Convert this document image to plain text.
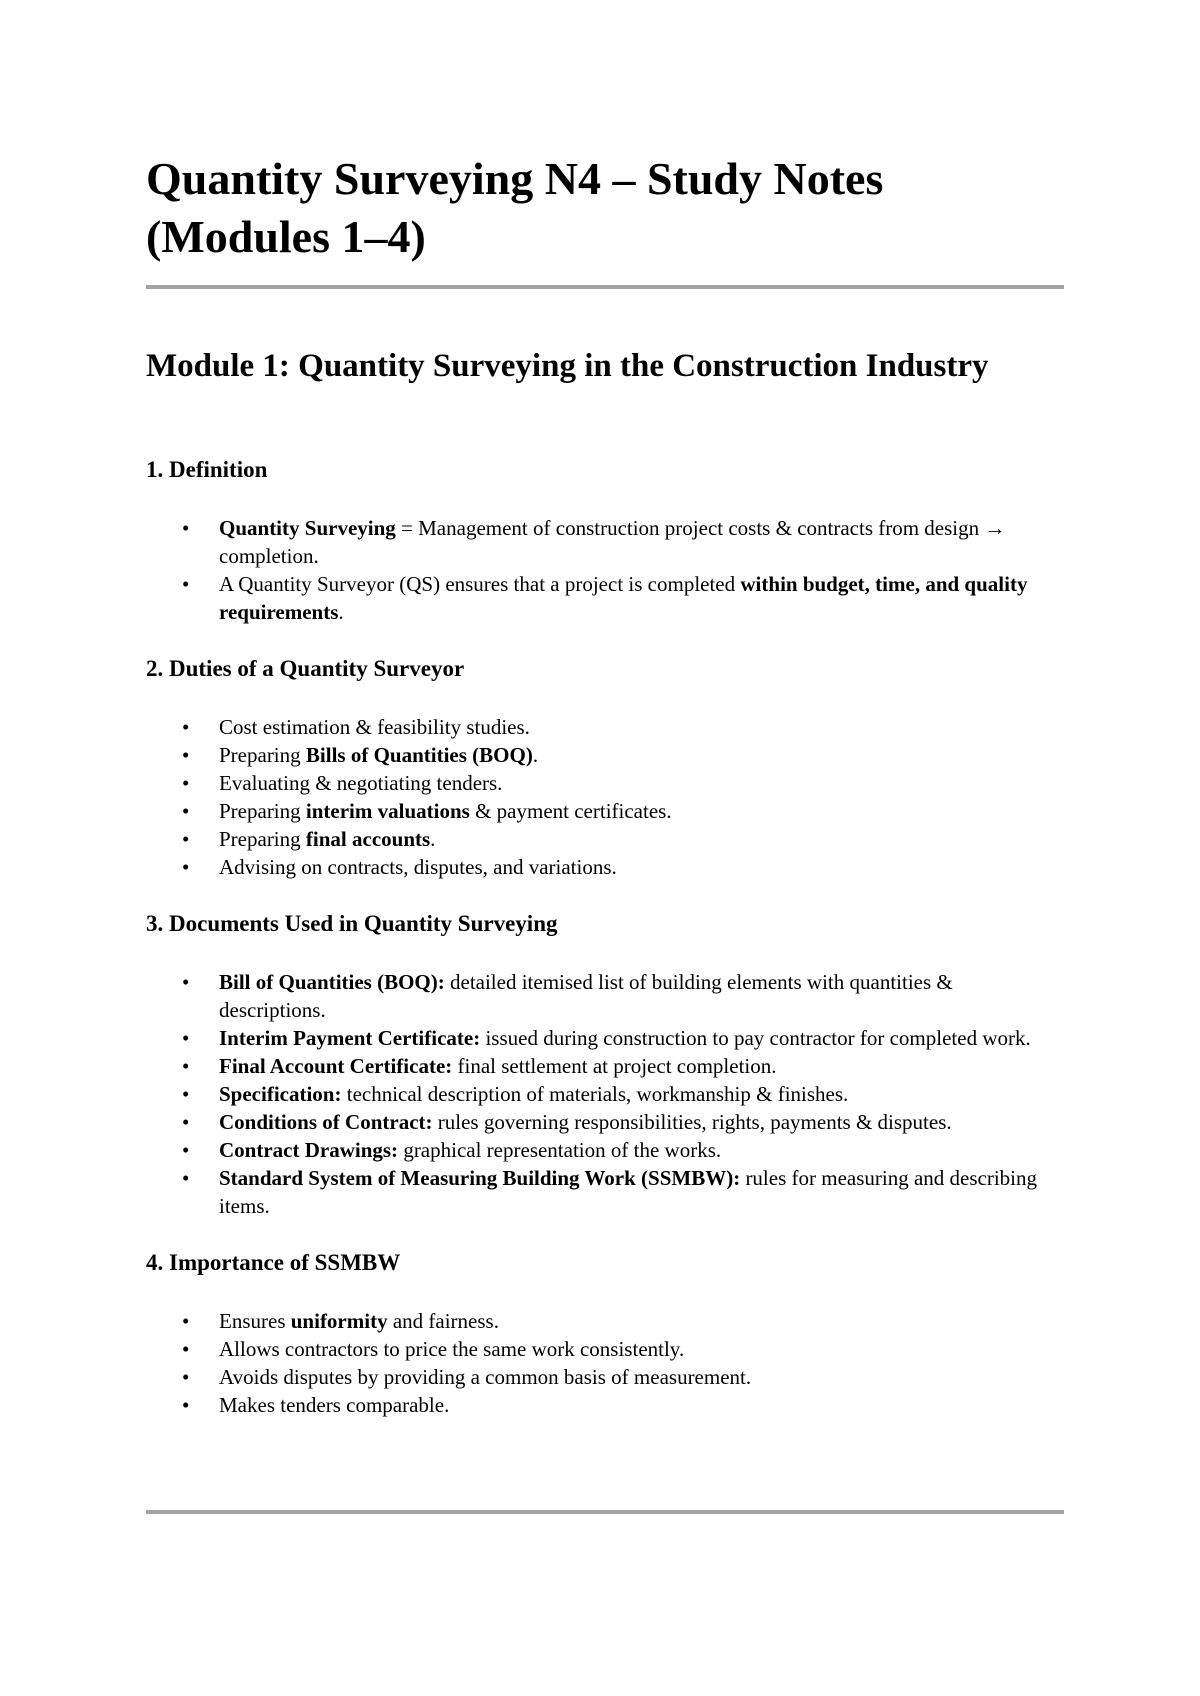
Quantity Surveying N4 – Study Notes (Modules 1–4)
Module 1: Quantity Surveying in the Construction Industry
1. Definition
• Quantity Surveying = Management of construction project costs & contracts from design → completion.
• A Quantity Surveyor (QS) ensures that a project is completed within budget, time, and quality requirements.
2. Duties of a Quantity Surveyor
• Cost estimation & feasibility studies.
• Preparing Bills of Quantities (BOQ).
• Evaluating & negotiating tenders.
• Preparing interim valuations & payment certificates.
• Preparing final accounts.
• Advising on contracts, disputes, and variations.
3. Documents Used in Quantity Surveying
• Bill of Quantities (BOQ): detailed itemised list of building elements with quantities & descriptions.
• Interim Payment Certificate: issued during construction to pay contractor for completed work.
• Final Account Certificate: final settlement at project completion.
• Specification: technical description of materials, workmanship & finishes.
• Conditions of Contract: rules governing responsibilities, rights, payments & disputes.
• Contract Drawings: graphical representation of the works.
• Standard System of Measuring Building Work (SSMBW): rules for measuring and describing items.
4. Importance of SSMBW
• Ensures uniformity and fairness.
• Allows contractors to price the same work consistently.
• Avoids disputes by providing a common basis of measurement.
• Makes tenders comparable.
